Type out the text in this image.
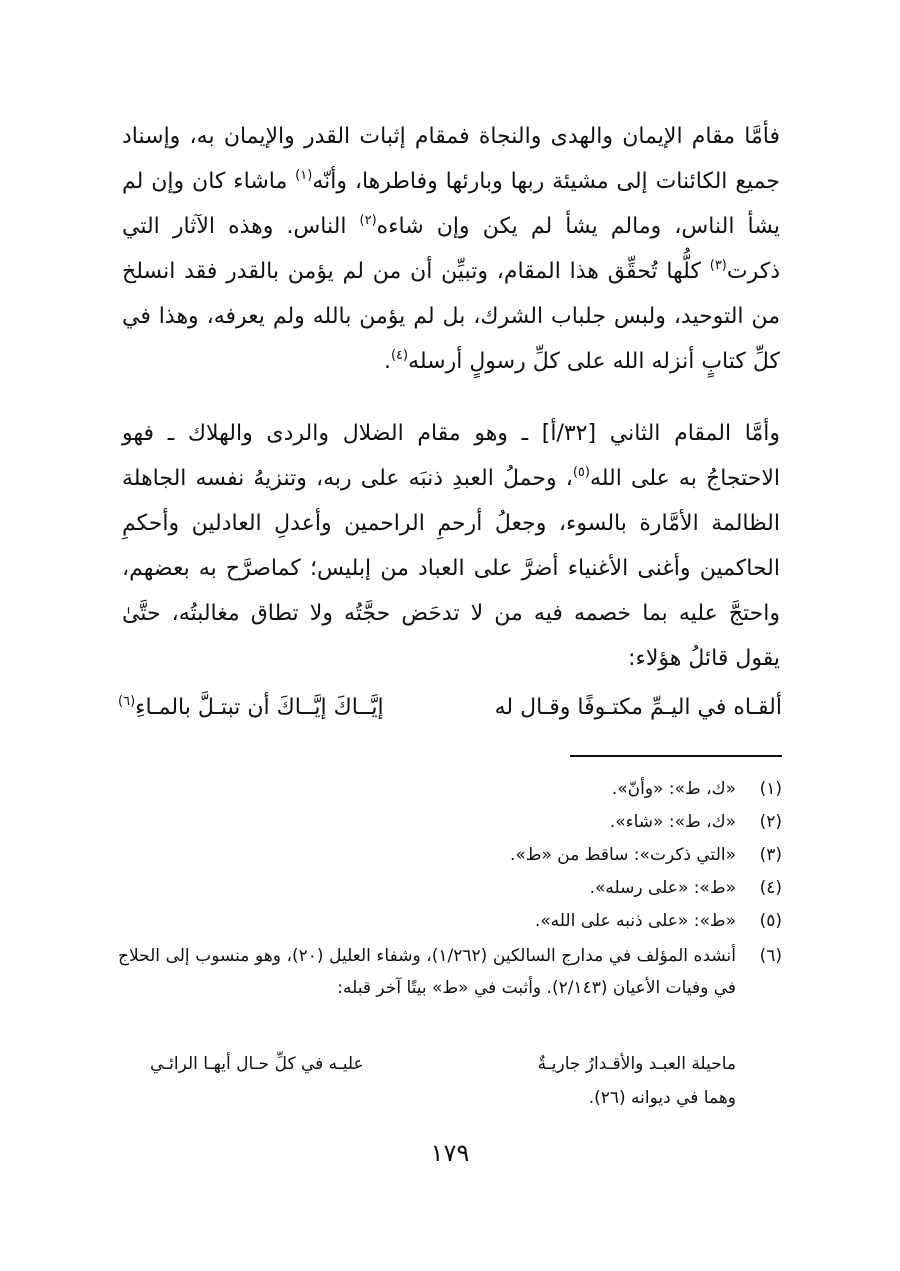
فأمَّا مقام الإيمان والهدى والنجاة فمقام إثبات القدر والإيمان به، وإسناد جميع الكائنات إلى مشيئة ربها وبارئها وفاطرها، وأنّه$^{(١)}$ ماشاء كان وإن لم يشأ الناس، ومالم يشأ لم يكن وإن شاءه$^{(٢)}$ الناس. وهذه الآثار التي ذكرت$^{(٣)}$ كلُّها تُحقِّق هذا المقام، وتبيِّن أن من لم يؤمن بالقدر فقد انسلخ من التوحيد، ولبس جلباب الشرك، بل لم يؤمن بالله ولم يعرفه، وهذا في كلِّ كتابٍ أنزله الله على كلِّ رسولٍ أرسله$^{(٤)}$.

وأمَّا المقام الثاني [٣٢/أ] ـ وهو مقام الضلال والردى والهلاك ـ فهو الاحتجاجُ به على الله$^{(٥)}$، وحملُ العبدِ ذنبَه على ربه، وتنزيهُ نفسه الجاهلة الظالمة الأمَّارة بالسوء، وجعلُ أرحمِ الراحمين وأعدلِ العادلين وأحكمِ الحاكمين وأغنى الأغنياء أضرَّ على العباد من إبليس؛ كماصرَّح به بعضهم، واحتجَّ عليه بما خصمه فيه من لا تدحَض حجَّتُه ولا تطاق مغالبتُه، حتَّىٰ يقول قائلُ هؤلاء:

ألقـاه في اليـمِّ مكتـوفًا وقـال له
إيَّــاكَ إيَّــاكَ أن تبتـلَّ بالمـاءِ$^{(٦)}$
(١)«ك، ط»: «وأنّ».
(٢)«ك، ط»: «شاء».
(٣)«التي ذكرت»: ساقط من «ط».
(٤)«ط»: «على رسله».
(٥)«ط»: «على ذنبه على الله».
(٦)
أنشده المؤلف في مدارج السالكين (١/٢٦٢)، وشفاء العليل (٢٠)، وهو منسوب إلى الحلاج في وفيات الأعيان (٢/١٤٣). وأثبت في «ط» بيتًا آخر قبله:
ماحيلة العبـد والأقـدارُ جاريـةٌ
عليـه في كلِّ حـال أيهـا الرائـي
وهما في ديوانه (٢٦).
١٧٩
